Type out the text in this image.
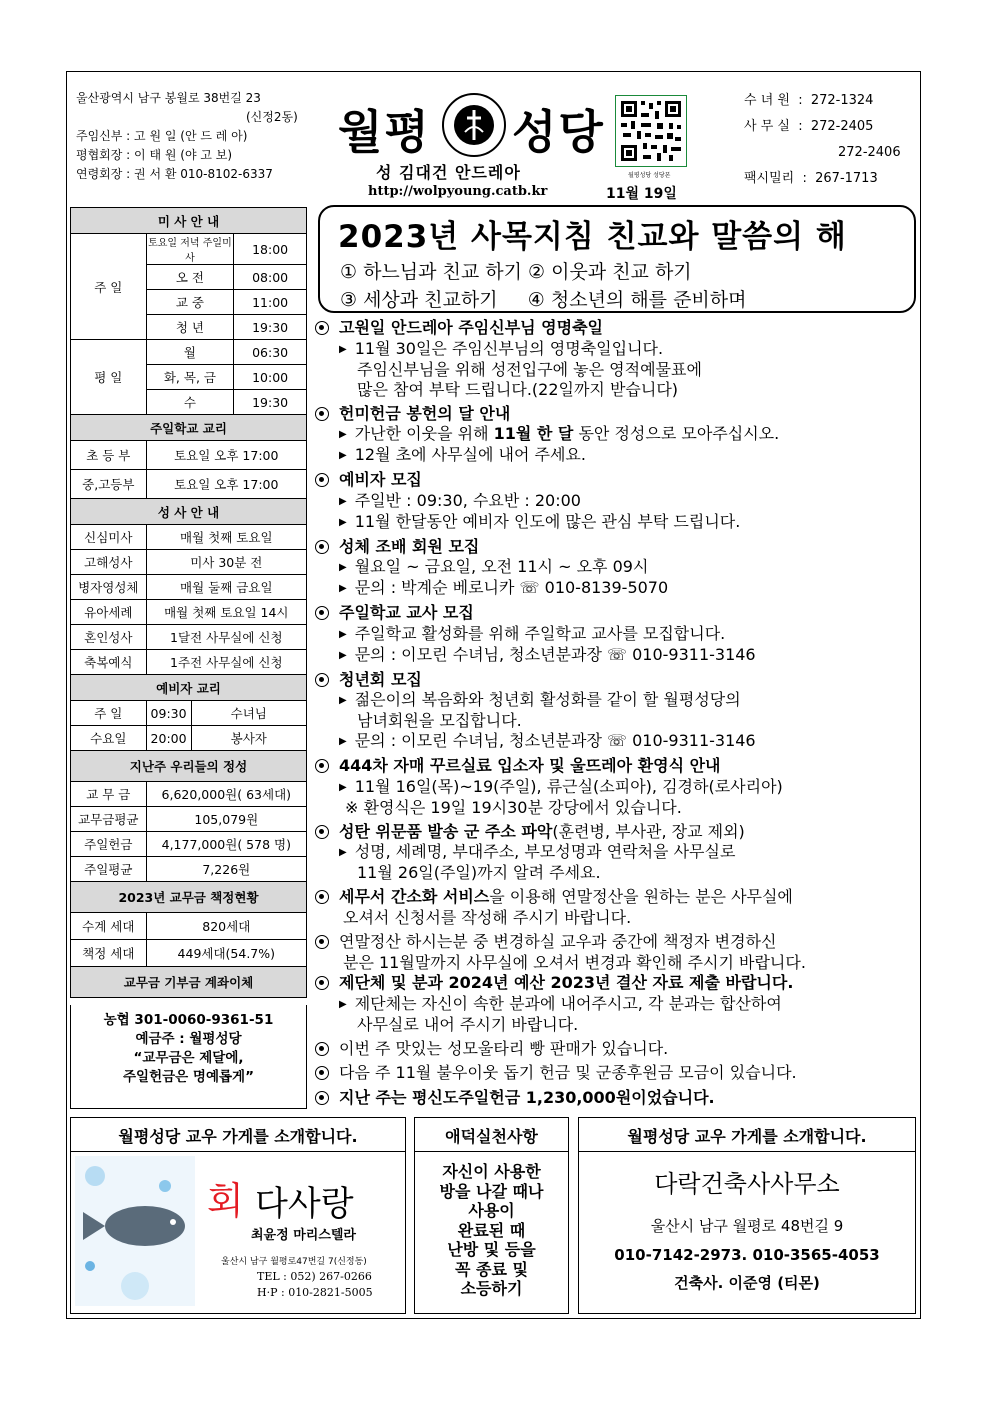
울산광역시 남구 봉월로 38번길 23
(신정2동)
주임신부 : 고 원 일 (안 드 레 아)
평협회장 : 이 태 원 (야 고 보)
연령회장 : 권 서 환 010-8102-6337
월평 성당
성 김대건 안드레아
http://wolpyoung.catb.kr	11월 19일
월평성당 성당폰
수 녀 원  :  272-1324
사 무 실  :  272-2405
272-2406
팩시밀리  :  267-1713
미 사 안 내			
주 일	토요일 저녁 주일미사		18:00
	오 전		08:00
	교 중		11:00
	청 년		19:30
평 일	월		06:30
	화, 목, 금		10:00
	수		19:30
주일학교 교리			
초 등 부	토요일 오후 17:00		
중,고등부	토요일 오후 17:00		
성 사 안 내			
신심미사	매월 첫째 토요일		
고해성사	미사 30분 전		
병자영성체	매월 둘째 금요일		
유아세례	매월 첫째 토요일 14시		
혼인성사	1달전 사무실에 신청		
축복예식	1주전 사무실에 신청		
예비자 교리			
주 일	09:30	수녀님	
수요일	20:00	봉사자	
지난주 우리들의 정성			
교 무 금	6,620,000원( 63세대)		
교무금평균	105,079원		
주일헌금	4,177,000원( 578 명)		
주일평균	7,226원		
2023년 교무금 책정현황			
수계 세대	820세대		
책정 세대	449세대(54.7%)		
교무금 기부금 계좌이체			
농협 301-0060-9361-51
예금주 : 월평성당
“교무금은 제달에,
주일헌금은 명예롭게”
2023년 사목지침 친교와 말씀의 해
① 하느님과 친교 하기 ② 이웃과 친교 하기
③ 세상과 친교하기     ④ 청소년의 해를 준비하며
고원일 안드레아 주임신부님 영명축일
▶ 11월 30일은 주임신부님의 영명축일입니다.
주임신부님을 위해 성전입구에 놓은 영적예물표에
많은 참여 부탁 드립니다.(22일까지 받습니다)
헌미헌금 봉헌의 달 안내
▶ 가난한 이웃을 위해 11월 한 달 동안 정성으로 모아주십시오.
▶ 12월 초에 사무실에 내어 주세요.
예비자 모집
▶ 주일반 : 09:30, 수요반 : 20:00
▶ 11월 한달동안 예비자 인도에 많은 관심 부탁 드립니다.
성체 조배 회원 모집
▶ 월요일 ~ 금요일, 오전 11시 ~ 오후 09시
▶ 문의 : 박계순 베로니카 ☏ 010-8139-5070
주일학교 교사 모집
▶ 주일학교 활성화를 위해 주일학교 교사를 모집합니다.
▶ 문의 : 이모린 수녀님, 청소년분과장 ☏ 010-9311-3146
청년회 모집
▶ 젊은이의 복음화와 청년회 활성화를 같이 할 월평성당의
남녀회원을 모집합니다.
▶ 문의 : 이모린 수녀님, 청소년분과장 ☏ 010-9311-3146
444차 자매 꾸르실료 입소자 및 울뜨레아 환영식 안내
▶ 11월 16일(목)~19(주일), 류근실(소피아), 김경하(로사리아)
※ 환영식은 19일 19시30분 강당에서 있습니다.
성탄 위문품 발송 군 주소 파악(훈련병, 부사관, 장교 제외)
▶ 성명, 세례명, 부대주소, 부모성명과 연락처을 사무실로
11월 26일(주일)까지 알려 주세요.
세무서 간소화 서비스을 이용해 연말정산을 원하는 분은 사무실에
오셔서 신청서를 작성해 주시기 바랍니다.
연말정산 하시는분 중 변경하실 교우과 중간에 책정자 변경하신
분은 11월말까지 사무실에 오셔서 변경과 확인해 주시기 바랍니다.
제단체 및 분과 2024년 예산 2023년 결산 자료 제출 바랍니다.
▶ 제단체는 자신이 속한 분과에 내어주시고, 각 분과는 합산하여
사무실로 내어 주시기 바랍니다.
이번 주 맛있는 성모울타리 빵 판매가 있습니다.
다음 주 11월 불우이웃 돕기 헌금 및 군종후원금 모금이 있습니다.
지난 주는 평신도주일헌금 1,230,000원이었습니다.
월평성당 교우 가게를 소개합니다.
회 다사랑
최윤정 마리스텔라
울산시 남구 월평로47번길 7(신정동)
TEL : 052) 267-0266
H·P : 010-2821-5005
애덕실천사항
자신이 사용한
방을 나갈 때나
사용이
완료된 때
난방 및 등을
꼭 종료 및
소등하기
월평성당 교우 가게를 소개합니다.
다락건축사사무소
울산시 남구 월평로 48번길 9
010-7142-2973. 010-3565-4053
건축사. 이준영 (티몬)
